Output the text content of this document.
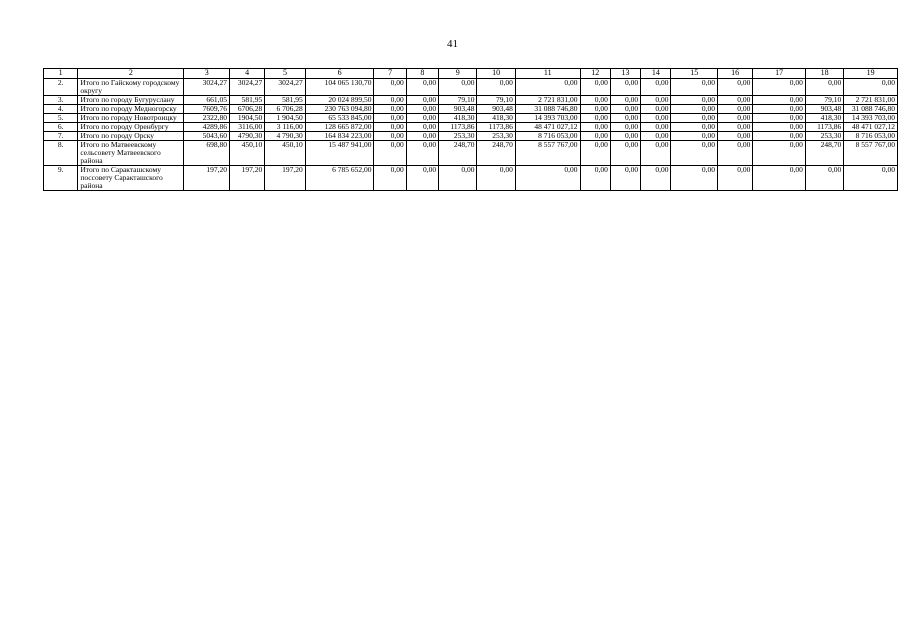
41
1	2	3	4	5	6	7	8	9	10	11	12	13	14	15	16	17	18	19
2.	Итого по Гайскому городскому округу	3024,27	3024,27	3024,27	104 065 130,70	0,00	0,00	0,00	0,00	0,00	0,00	0,00	0,00	0,00	0,00	0,00	0,00	0,00
3.	Итого по городу Бугуруслану	661,05	581,95	581,95	20 024 899,50	0,00	0,00	79,10	79,10	2 721 831,00	0,00	0,00	0,00	0,00	0,00	0,00	79,10	2 721 831,00
4.	Итого по городу Медногорску	7609,76	6706,28	6 706,28	230 763 094,80	0,00	0,00	903,48	903,48	31 088 746,80	0,00	0,00	0,00	0,00	0,00	0,00	903,48	31 088 746,80
5.	Итого по городу Новотроицку	2322,80	1904,50	1 904,50	65 533 845,00	0,00	0,00	418,30	418,30	14 393 703,00	0,00	0,00	0,00	0,00	0,00	0,00	418,30	14 393 703,00
6.	Итого по городу Оренбургу	4289,86	3116,00	3 116,00	128 665 872,00	0,00	0,00	1173,86	1173,86	48 471 027,12	0,00	0,00	0,00	0,00	0,00	0,00	1173,86	48 471 027,12
7.	Итого по городу Орску	5043,60	4790,30	4 790,30	164 834 223,00	0,00	0,00	253,30	253,30	8 716 053,00	0,00	0,00	0,00	0,00	0,00	0,00	253,30	8 716 053,00
8.	Итого по Матвеевскому сельсовету Матвеевского района	698,80	450,10	450,10	15 487 941,00	0,00	0,00	248,70	248,70	8 557 767,00	0,00	0,00	0,00	0,00	0,00	0,00	248,70	8 557 767,00
9.	Итого по Саракташскому поссовету Саракташского района	197,20	197,20	197,20	6 785 652,00	0,00	0,00	0,00	0,00	0,00	0,00	0,00	0,00	0,00	0,00	0,00	0,00	0,00
